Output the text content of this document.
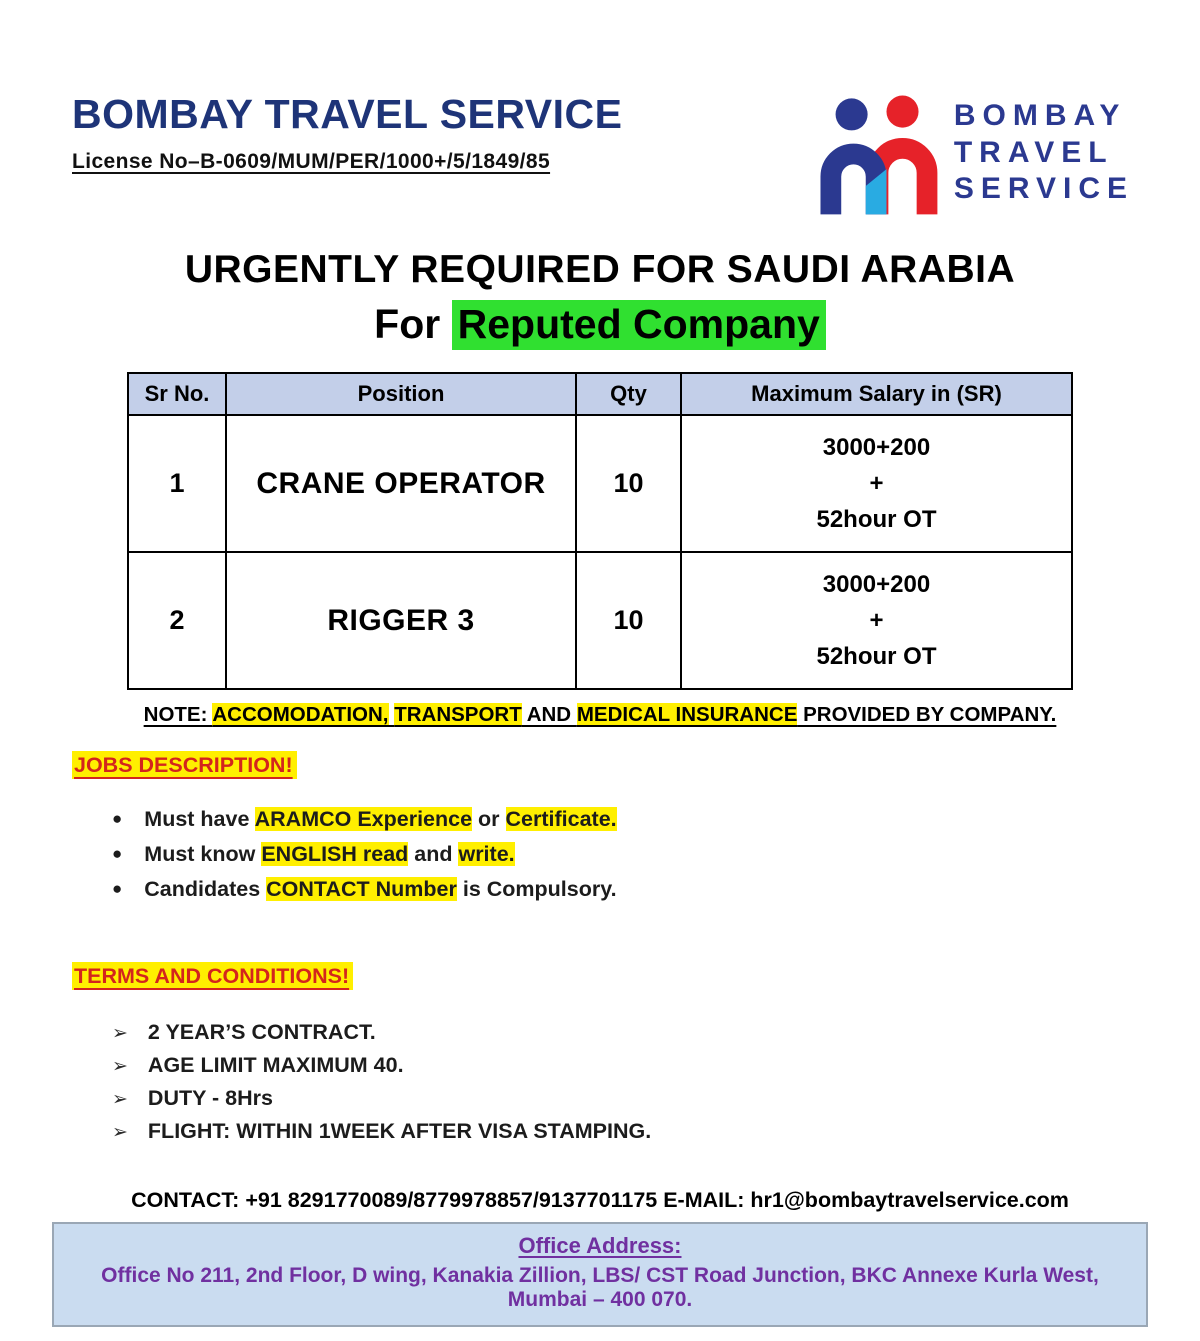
BOMBAY TRAVEL SERVICE
License No–B-0609/MUM/PER/1000+/5/1849/85
BOMBAY
TRAVEL
SERVICE
URGENTLY REQUIRED FOR SAUDI ARABIA
For Reputed Company
Sr No.	Position	Qty	Maximum Salary in (SR)
1	CRANE OPERATOR	10	3000+200
+
52hour OT

2	RIGGER 3	10	3000+200
+
52hour OT
NOTE: ACCOMODATION, TRANSPORT AND MEDICAL INSURANCE PROVIDED BY COMPANY.
JOBS DESCRIPTION!
● Must have ARAMCO Experience or Certificate.
● Must know ENGLISH read and write.
● Candidates CONTACT Number is Compulsory.
TERMS AND CONDITIONS!
➢ 2 YEAR’S CONTRACT.
➢ AGE LIMIT MAXIMUM 40.
➢ DUTY - 8Hrs
➢ FLIGHT: WITHIN 1WEEK AFTER VISA STAMPING.
CONTACT: +91 8291770089/8779978857/9137701175 E-MAIL: hr1@bombaytravelservice.com
Office Address:
Office No 211, 2nd Floor, D wing, Kanakia Zillion, LBS/ CST Road Junction, BKC Annexe Kurla West, Mumbai – 400 070.
